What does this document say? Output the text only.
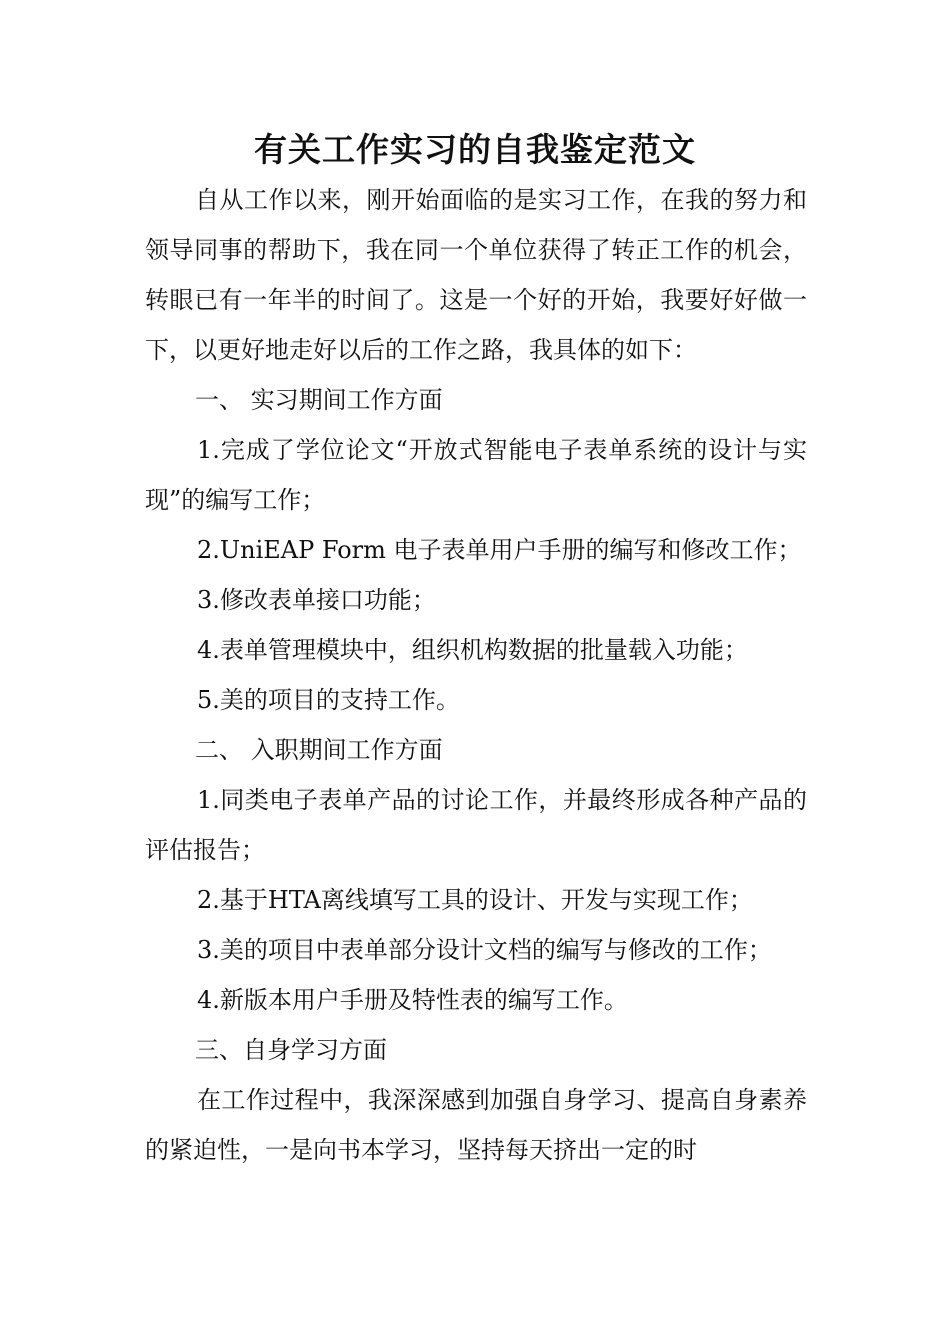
有关工作实习的自我鉴定范文

自从工作以来，刚开始面临的是实习工作，在我的努力和领导同事的帮助下，我在同一个单位获得了转正工作的机会，转眼已有一年半的时间了。这是一个好的开始，我要好好做一下，以更好地走好以后的工作之路，我具体的如下：

一、 实习期间工作方面

1.完成了学位论文“开放式智能电子表单系统的设计与实现”的编写工作；

2.UniEAP Form 电子表单用户手册的编写和修改工作；

3.修改表单接口功能；

4.表单管理模块中，组织机构数据的批量载入功能；

5.美的项目的支持工作。

二、 入职期间工作方面

1.同类电子表单产品的讨论工作，并最终形成各种产品的评估报告；

2.基于HTA离线填写工具的设计、开发与实现工作；

3.美的项目中表单部分设计文档的编写与修改的工作；

4.新版本用户手册及特性表的编写工作。

三、自身学习方面

在工作过程中，我深深感到加强自身学习、提高自身素养的紧迫性，一是向书本学习，坚持每天挤出一定的时
